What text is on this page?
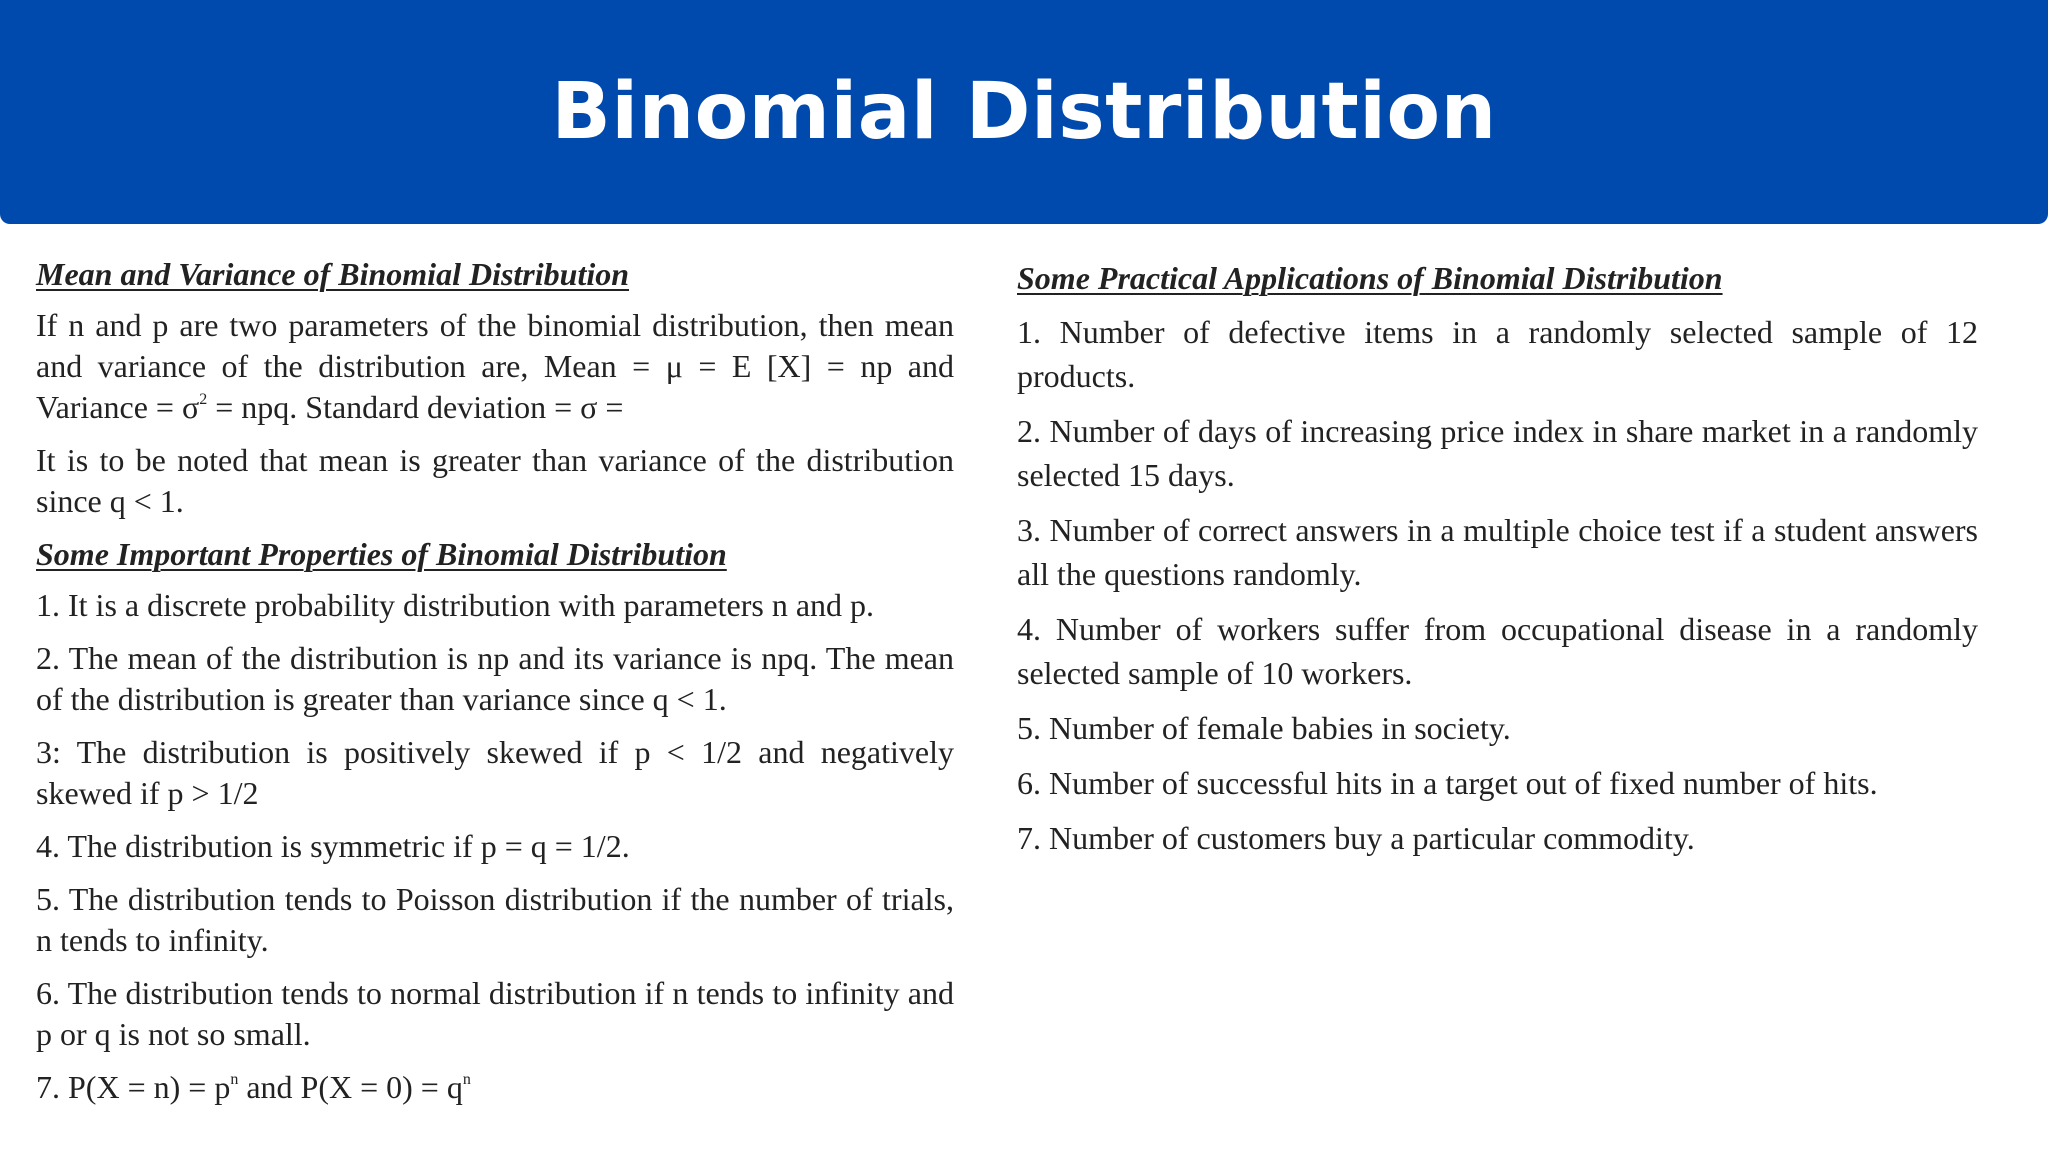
Binomial Distribution

Mean and Variance of Binomial Distribution

If n and p are two parameters of the binomial distribution, then mean and variance of the distribution are, Mean = μ = E [X] = np and Variance = $\sigma^2$ = npq. Standard deviation = σ =

It is to be noted that mean is greater than variance of the distribution since q < 1.

Some Important Properties of Binomial Distribution

1. It is a discrete probability distribution with parameters n and p.

2. The mean of the distribution is np and its variance is npq. The mean of the distribution is greater than variance since q < 1.

3: The distribution is positively skewed if p < 1/2 and negatively skewed if p > 1/2

4. The distribution is symmetric if p = q = 1/2.

5. The distribution tends to Poisson distribution if the number of trials, n tends to infinity.

6. The distribution tends to normal distribution if n tends to infinity and p or q is not so small.

7. $P(X = n) = p^n$ and $P(X = 0) = q^n$

Some Practical Applications of Binomial Distribution

1. Number of defective items in a randomly selected sample of 12 products.

2. Number of days of increasing price index in share market in a randomly selected 15 days.

3. Number of correct answers in a multiple choice test if a student answers all the questions randomly.

4. Number of workers suffer from occupational disease in a randomly selected sample of 10 workers.

5. Number of female babies in society.

6. Number of successful hits in a target out of fixed number of hits.

7. Number of customers buy a particular commodity.
